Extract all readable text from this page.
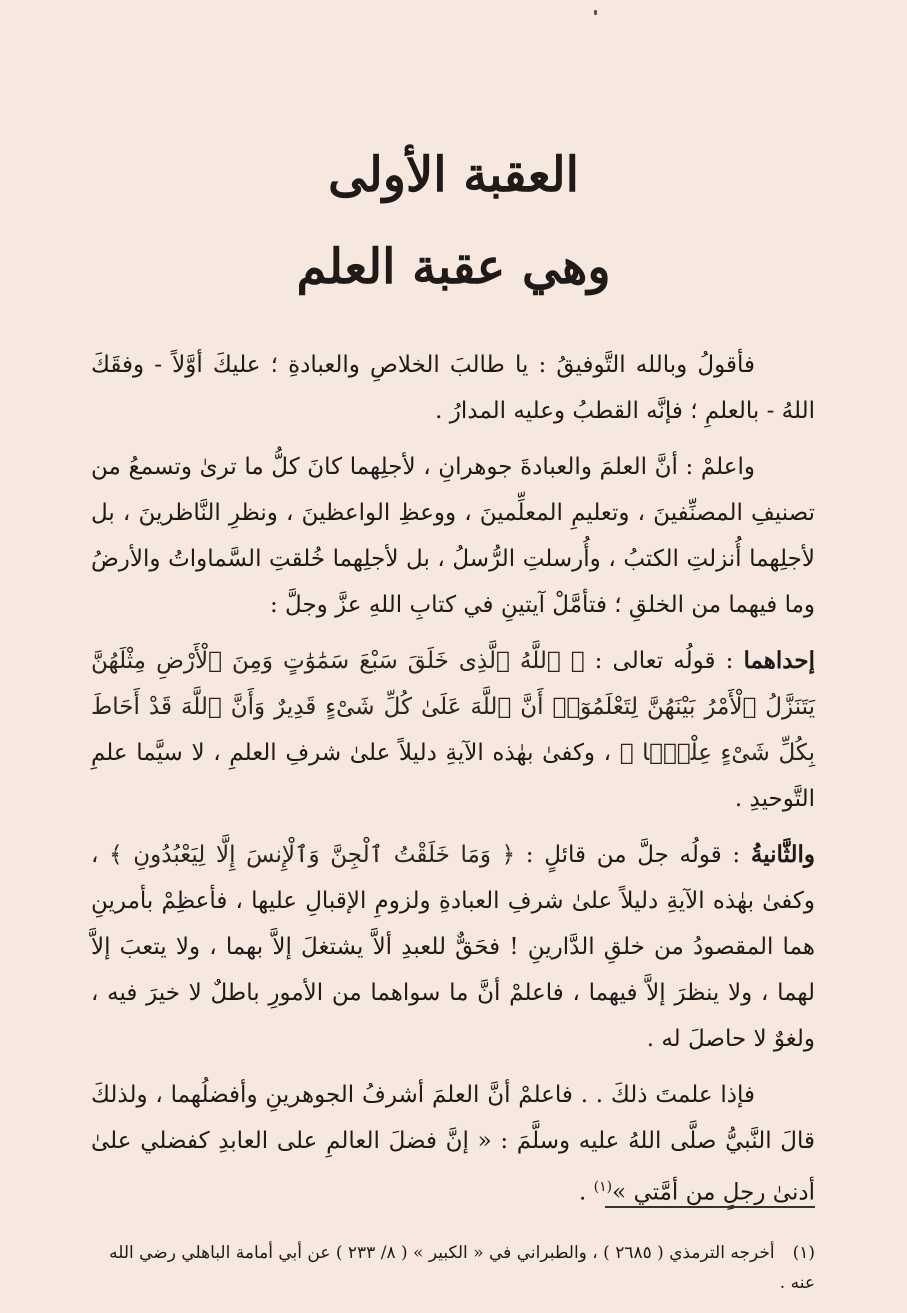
العقبة الأولى
وهي عقبة العلم

فأقولُ وبالله التَّوفيقُ : يا طالبَ الخلاصِ والعبادةِ ؛ عليكَ أوَّلاً - وفقَكَ اللهُ - بالعلمِ ؛ فإنَّه القطبُ وعليه المدارُ .

واعلمْ : أنَّ العلمَ والعبادةَ جوهرانِ ، لأجلِهما كانَ كلُّ ما ترىٰ وتسمعُ من تصنيفِ المصنِّفينَ ، وتعليمِ المعلِّمينَ ، ووعظِ الواعظينَ ، ونظرِ النَّاظرينَ ، بل لأجلِهما أُنزلتِ الكتبُ ، وأُرسلتِ الرُّسلُ ، بل لأجلِهما خُلقتِ السَّماواتُ والأرضُ وما فيهما من الخلقِ ؛ فتأمَّلْ آيتينِ في كتابِ اللهِ عزَّ وجلَّ :

إحداهما : قولُه تعالى : ﴿ ٱللَّهُ ٱلَّذِى خَلَقَ سَبْعَ سَمَٰوَٰتٍ وَمِنَ ٱلْأَرْضِ مِثْلَهُنَّ يَتَنَزَّلُ ٱلْأَمْرُ بَيْنَهُنَّ لِتَعْلَمُوٓا۟ أَنَّ ٱللَّهَ عَلَىٰ كُلِّ شَىْءٍ قَدِيرٌ وَأَنَّ ٱللَّهَ قَدْ أَحَاطَ بِكُلِّ شَىْءٍ عِلْمًۢا ﴾ ، وكفىٰ بهٰذه الآيةِ دليلاً علىٰ شرفِ العلمِ ، لا سيَّما علمِ التَّوحيدِ .

والثَّانيةُ : قولُه جلَّ من قائلٍ : ﴿ وَمَا خَلَقْتُ ٱلْجِنَّ وَٱلْإِنسَ إِلَّا لِيَعْبُدُونِ ﴾ ، وكفىٰ بهٰذه الآيةِ دليلاً علىٰ شرفِ العبادةِ ولزومِ الإقبالِ عليها ، فأعظِمْ بأمرينِ هما المقصودُ من خلقِ الدَّارينِ ! فحَقٌّ للعبدِ ألاَّ يشتغلَ إلاَّ بهما ، ولا يتعبَ إلاَّ لهما ، ولا ينظرَ إلاَّ فيهما ، فاعلمْ أنَّ ما سواهما من الأمورِ باطلٌ لا خيرَ فيه ، ولغوٌ لا حاصلَ له .

فإذا علمتَ ذلكَ . . فاعلمْ أنَّ العلمَ أشرفُ الجوهرينِ وأفضلُهما ، ولذلكَ قالَ النَّبيُّ صلَّى اللهُ عليه وسلَّمَ : « إنَّ فضلَ العالمِ على العابدِ كفضلي علىٰ أدنىٰ رجلٍ من أمَّتي »$^{(١)}$ .

(١)أخرجه الترمذي ( ٢٦٨٥ ) ، والطبراني في « الكبير » ( ٨/ ٢٣٣ ) عن أبي أمامة الباهلي رضي الله عنه .
